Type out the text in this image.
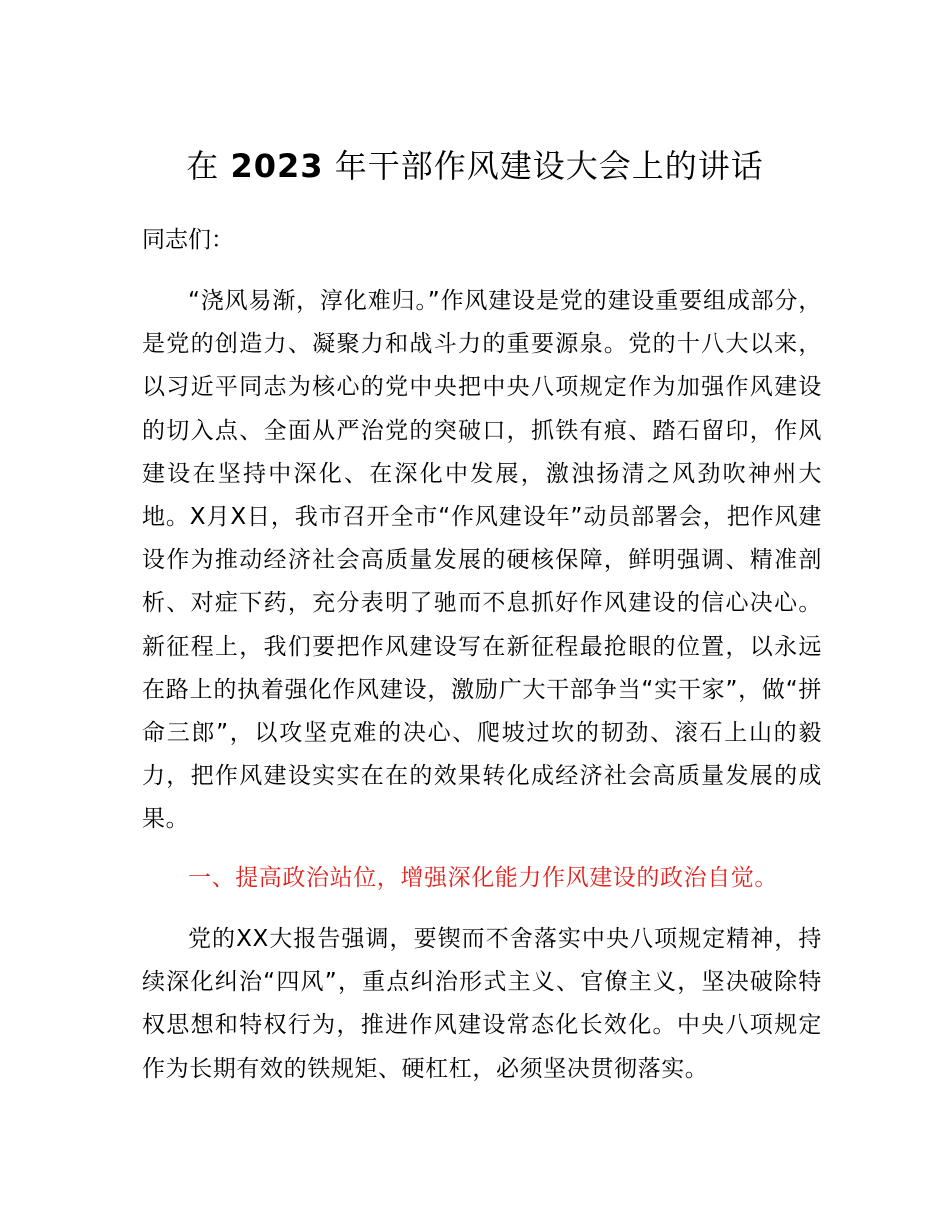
在 2023 年干部作风建设大会上的讲话
同志们：

“浇风易渐，淳化难归。”作风建设是党的建设重要组成部分，是党的创造力、凝聚力和战斗力的重要源泉。党的十八大以来，以习近平同志为核心的党中央把中央八项规定作为加强作风建设的切入点、全面从严治党的突破口，抓铁有痕、踏石留印，作风建设在坚持中深化、在深化中发展，激浊扬清之风劲吹神州大地。X月X日，我市召开全市“作风建设年”动员部署会，把作风建设作为推动经济社会高质量发展的硬核保障，鲜明强调、精准剖析、对症下药，充分表明了驰而不息抓好作风建设的信心决心。新征程上，我们要把作风建设写在新征程最抢眼的位置，以永远在路上的执着强化作风建设，激励广大干部争当“实干家”，做“拼命三郎”，以攻坚克难的决心、爬坡过坎的韧劲、滚石上山的毅力，把作风建设实实在在的效果转化成经济社会高质量发展的成果。

一、提高政治站位，增强深化能力作风建设的政治自觉。

党的XX大报告强调，要锲而不舍落实中央八项规定精神，持续深化纠治“四风”，重点纠治形式主义、官僚主义，坚决破除特权思想和特权行为，推进作风建设常态化长效化。中央八项规定作为长期有效的铁规矩、硬杠杠，必须坚决贯彻落实。
